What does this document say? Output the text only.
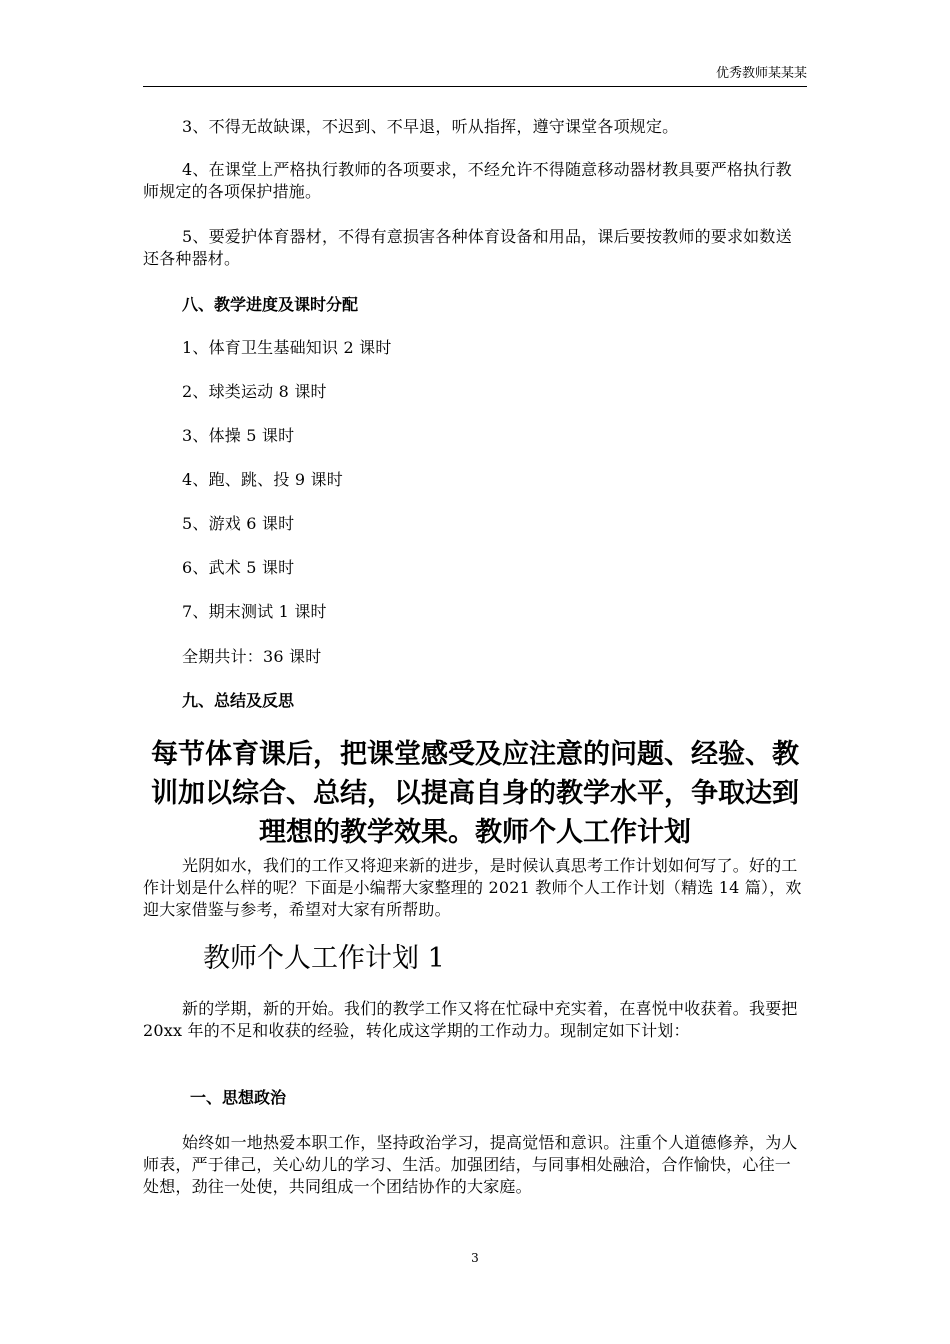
优秀教师某某某

3、不得无故缺课，不迟到、不早退，听从指挥，遵守课堂各项规定。

4、在课堂上严格执行教师的各项要求，不经允许不得随意移动器材教具要严格执行教师规定的各项保护措施。

5、要爱护体育器材，不得有意损害各种体育设备和用品，课后要按教师的要求如数送还各种器材。

八、教学进度及课时分配

1、体育卫生基础知识 2 课时

2、球类运动 8 课时

3、体操 5 课时

4、跑、跳、投 9 课时

5、游戏 6 课时

6、武术 5 课时

7、期末测试 1 课时

全期共计：36 课时

九、总结及反思

每节体育课后，把课堂感受及应注意的问题、经验、教训加以综合、总结，以提高自身的教学水平，争取达到理想的教学效果。教师个人工作计划

光阴如水，我们的工作又将迎来新的进步，是时候认真思考工作计划如何写了。好的工作计划是什么样的呢？下面是小编帮大家整理的 2021 教师个人工作计划（精选 14 篇），欢迎大家借鉴与参考，希望对大家有所帮助。

教师个人工作计划 1

新的学期，新的开始。我们的教学工作又将在忙碌中充实着，在喜悦中收获着。我要把 20xx 年的不足和收获的经验，转化成这学期的工作动力。现制定如下计划：

一、思想政治

始终如一地热爱本职工作，坚持政治学习，提高觉悟和意识。注重个人道德修养，为人师表，严于律己，关心幼儿的学习、生活。加强团结，与同事相处融洽，合作愉快，心往一处想，劲往一处使，共同组成一个团结协作的大家庭。

3
